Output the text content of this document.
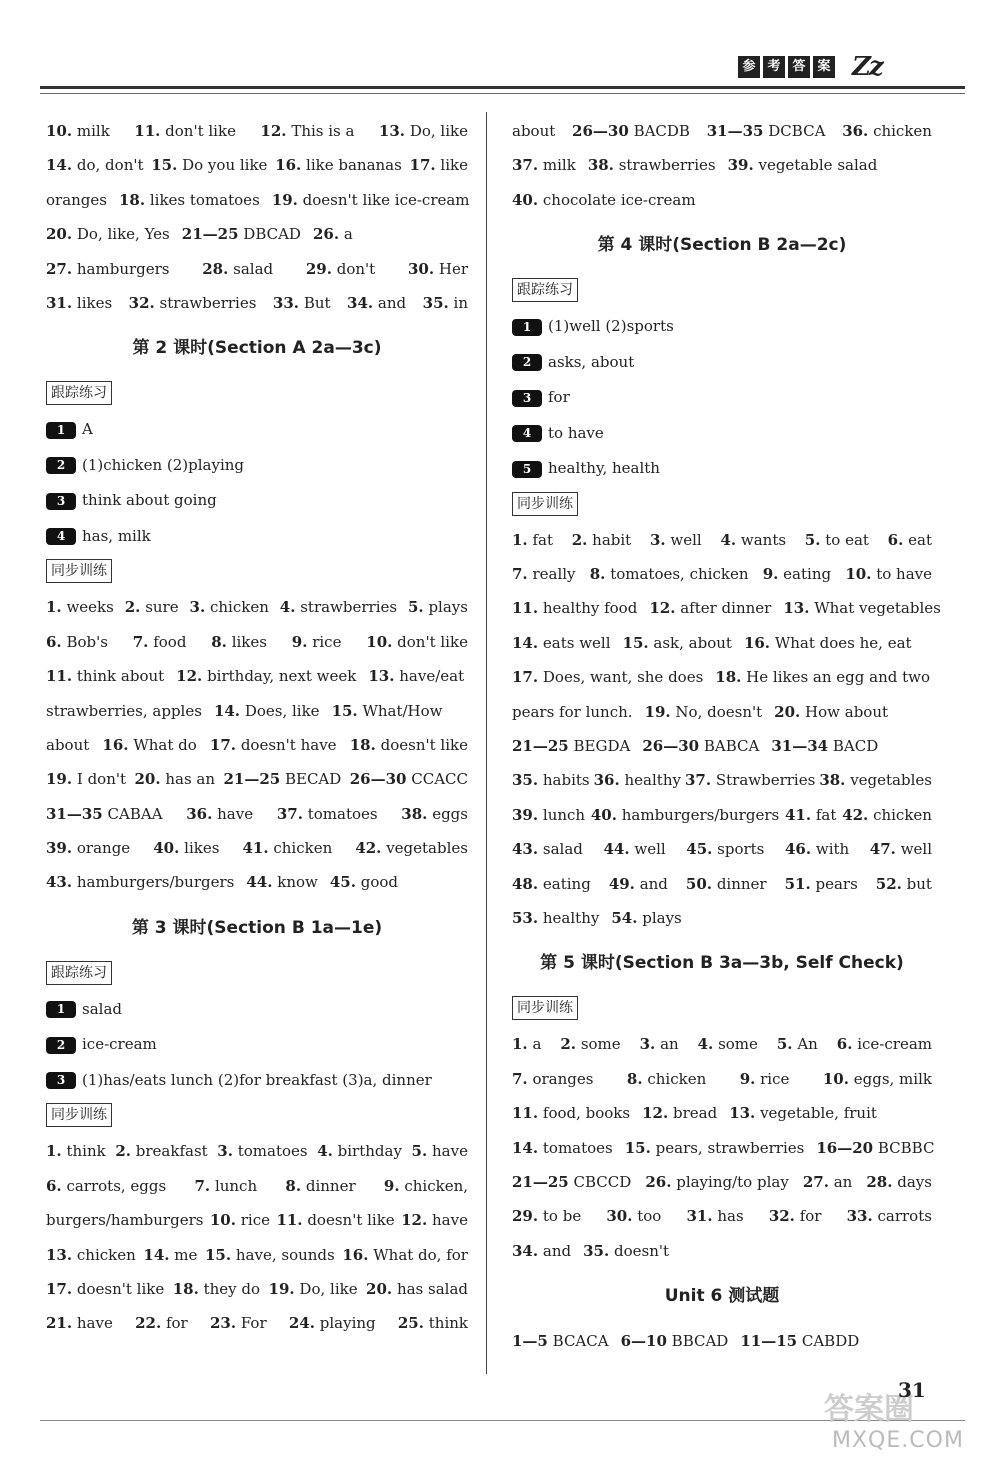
参 考 答 案 Zz
10. milk 11. don't like 12. This is a 13. Do, like
14. do, don't 15. Do you like 16. like bananas 17. like
oranges 18. likes tomatoes 19. doesn't like ice-cream
20. Do, like, Yes 21—25 DBCAD 26. a
27. hamburgers 28. salad 29. don't 30. Her
31. likes 32. strawberries 33. But 34. and 35. in
第 2 课时(Section A 2a—3c)
跟踪练习
1 A
2 (1)chicken (2)playing
3 think about going
4 has, milk
同步训练
1. weeks 2. sure 3. chicken 4. strawberries 5. plays
6. Bob's 7. food 8. likes 9. rice 10. don't like
11. think about 12. birthday, next week 13. have/eat
strawberries, apples 14. Does, like 15. What/How
about 16. What do 17. doesn't have 18. doesn't like
19. I don't 20. has an 21—25 BECAD 26—30 CCACC
31—35 CABAA 36. have 37. tomatoes 38. eggs
39. orange 40. likes 41. chicken 42. vegetables
43. hamburgers/burgers 44. know 45. good
第 3 课时(Section B 1a—1e)
跟踪练习
1 salad
2 ice-cream
3 (1)has/eats lunch (2)for breakfast (3)a, dinner
同步训练
1. think 2. breakfast 3. tomatoes 4. birthday 5. have
6. carrots, eggs 7. lunch 8. dinner 9. chicken,
burgers/hamburgers 10. rice 11. doesn't like 12. have
13. chicken 14. me 15. have, sounds 16. What do, for
17. doesn't like 18. they do 19. Do, like 20. has salad
21. have 22. for 23. For 24. playing 25. think
about 26—30 BACDB 31—35 DCBCA 36. chicken
37. milk 38. strawberries 39. vegetable salad
40. chocolate ice-cream
第 4 课时(Section B 2a—2c)
跟踪练习
1 (1)well (2)sports
2 asks, about
3 for
4 to have
5 healthy, health
同步训练
1. fat 2. habit 3. well 4. wants 5. to eat 6. eat
7. really 8. tomatoes, chicken 9. eating 10. to have
11. healthy food 12. after dinner 13. What vegetables
14. eats well 15. ask, about 16. What does he, eat
17. Does, want, she does 18. He likes an egg and two
pears for lunch. 19. No, doesn't 20. How about
21—25 BEGDA 26—30 BABCA 31—34 BACD
35. habits 36. healthy 37. Strawberries 38. vegetables
39. lunch 40. hamburgers/burgers 41. fat 42. chicken
43. salad 44. well 45. sports 46. with 47. well
48. eating 49. and 50. dinner 51. pears 52. but
53. healthy 54. plays
第 5 课时(Section B 3a—3b, Self Check)
同步训练
1. a 2. some 3. an 4. some 5. An 6. ice-cream
7. oranges 8. chicken 9. rice 10. eggs, milk
11. food, books 12. bread 13. vegetable, fruit
14. tomatoes 15. pears, strawberries 16—20 BCBBC
21—25 CBCCD 26. playing/to play 27. an 28. days
29. to be 30. too 31. has 32. for 33. carrots
34. and 35. doesn't
Unit 6 测试题
1—5 BCACA 6—10 BBCAD 11—15 CABDD
答案圈
MXQE.COM
31
